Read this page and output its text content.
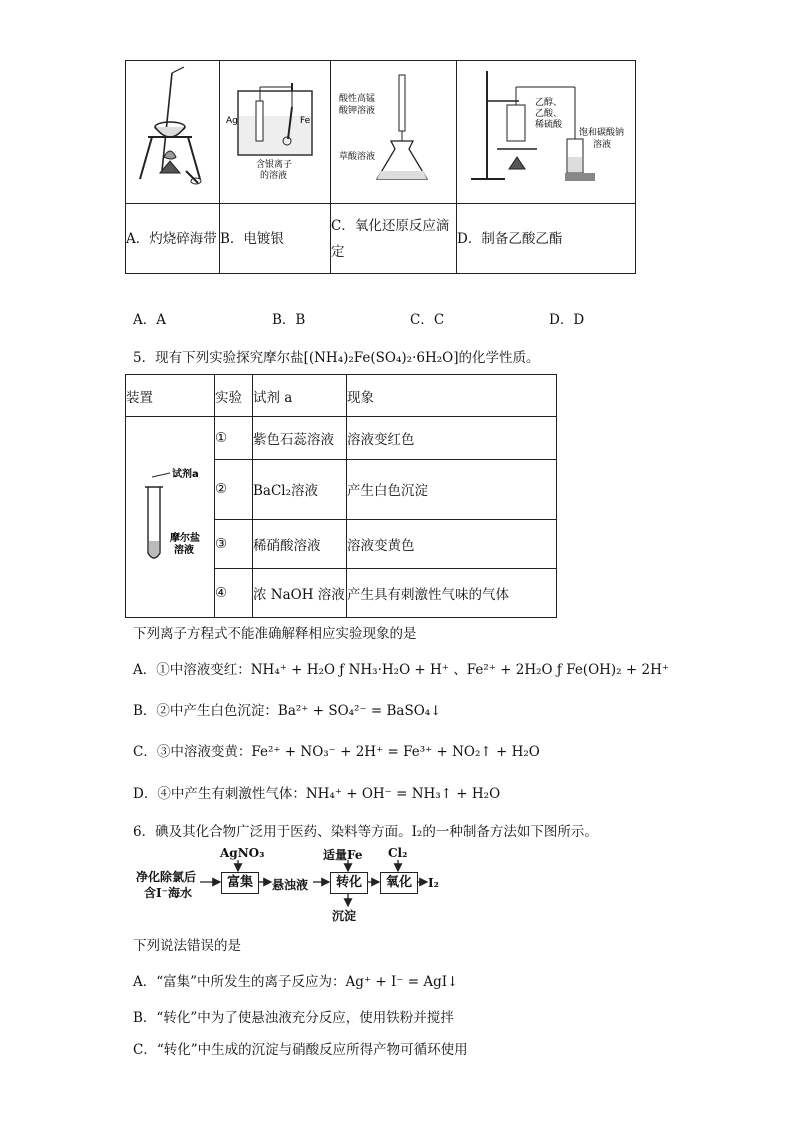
Ag Fe
含银离子
的溶液	酸性高锰
酸钾溶液
草酸溶液	乙醇、
乙酸、
稀硫酸
饱和碳酸钠
溶液

A．灼烧碎海带	B．电镀银	C．氧化还原反应滴定	D．制备乙酸乙酯
A．A	B．B	C．C	D．D
5．现有下列实验探究摩尔盐[(NH₄)₂Fe(SO₄)₂·6H₂O]的化学性质。
装置	实验	试剂 a	现象

试剂a
摩尔盐
溶液	①	紫色石蕊溶液	溶液变红色
	②	BaCl₂溶液	产生白色沉淀
	③	稀硝酸溶液	溶液变黄色
	④	浓 NaOH 溶液	产生具有刺激性气味的气体
下列离子方程式不能准确解释相应实验现象的是
A．①中溶液变红：NH₄⁺ + H₂O ƒ NH₃·H₂O + H⁺ 、Fe²⁺ + 2H₂O ƒ Fe(OH)₂ + 2H⁺
B．②中产生白色沉淀：Ba²⁺ + SO₄²⁻ = BaSO₄↓
C．③中溶液变黄：Fe²⁺ + NO₃⁻ + 2H⁺ = Fe³⁺ + NO₂↑ + H₂O
D．④中产生有刺激性气体：NH₄⁺ + OH⁻ = NH₃↑ + H₂O
6．碘及其化合物广泛用于医药、染料等方面。I₂的一种制备方法如下图所示。
净化除氯后
含I⁻海水
AgNO₃
富集	悬浊液
适量Fe
转化
Cl₂
氧化	I₂
沉淀
下列说法错误的是
A．“富集”中所发生的离子反应为：Ag⁺ + I⁻ = AgI↓
B．“转化”中为了使悬浊液充分反应，使用铁粉并搅拌
C．“转化”中生成的沉淀与硝酸反应所得产物可循环使用
